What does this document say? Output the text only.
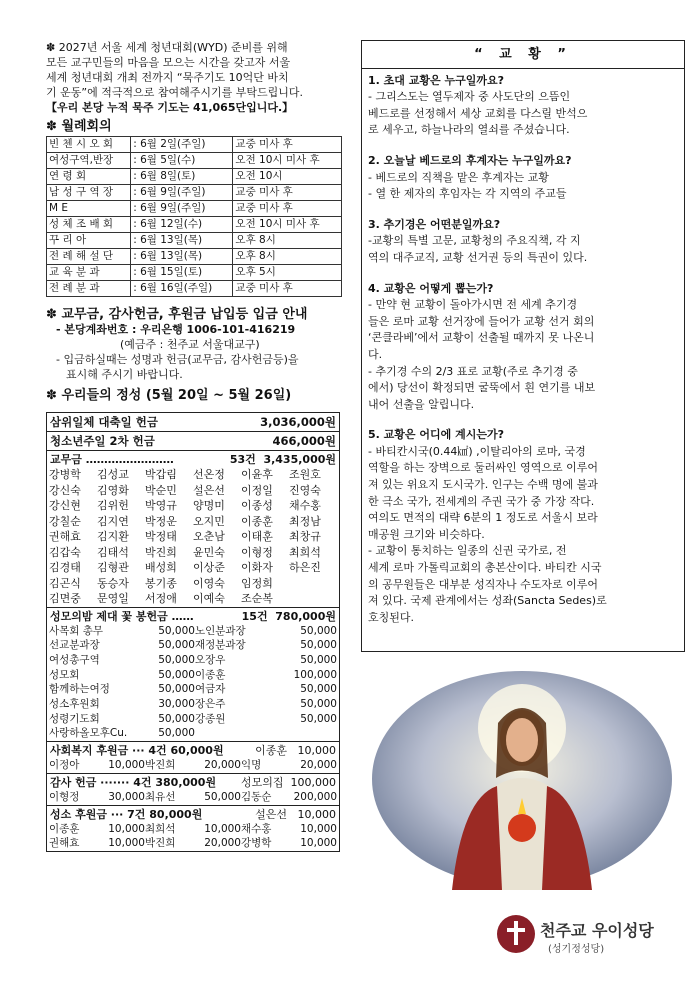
✽ 2027년 서울 세계 청년대회(WYD) 준비를 위해

모든 교구민들의 마음을 모으는 시간을 갖고자 서울

세계 청년대회 개최 전까지 “묵주기도 10억단 바치

기 운동”에 적극적으로 참여해주시기를 부탁드립니다.

【우리 본당 누적 묵주 기도는 41,065단입니다.】

✽ 월례회의

빈 첸 시 오 회	: 6월 2일(주일)	교중 미사 후
여성구역,반장	: 6월 5일(수)	오전 10시 미사 후
연 령 회	: 6월 8일(토)	오전 10시
남 성 구 역 장	: 6월 9일(주일)	교중 미사 후
M E	: 6월 9일(주일)	교중 미사 후
성 체 조 배 회	: 6월 12일(수)	오전 10시 미사 후
꾸 리 아	: 6월 13일(목)	오후 8시
전 례 해 설 단	: 6월 13일(목)	오후 8시
교 육 분 과	: 6월 15일(토)	오후 5시
전 례 분 과	: 6월 16일(주일)	교중 미사 후

✽ 교무금, 감사헌금, 후원금 납입등 입금 안내

- 본당계좌번호 : 우리은행 1006-101-416219

(예금주 : 천주교 서울대교구)

- 입금하실때는 성명과 헌금(교무금, 감사헌금등)을

표시해 주시기 바랍니다.

✽ 우리들의 정성 (5월 20일 ~ 5월 26일)

삼위일체 대축일 헌금	3,036,000원
청소년주일 2차 헌금	466,000원
교무금 ……………………	53건 3,435,000원
강병학	김성교	박갑림	선온정	이윤후	조원호
강신숙	김영화	박순민	설은선	이정일	진영숙
강신현	김위헌	박영규	양명미	이종성	채수홍
강칠순	김지연	박정운	오지민	이종훈	최정남
권해효	김지환	박정태	오춘남	이태훈	최창규
김갑숙	김태석	박진희	윤민숙	이형정	최희석
김경태	김형관	배성희	이상준	이화자	하은진
김곤식	동승자	봉기종	이영숙	임정희
김면중	문영일	서정애	이예숙	조순복
성모의밤 제대 꽃 봉헌금 ……	15건 780,000원
사목회 총무	50,000 노인분과장	50,000
선교분과장	50,000 재정분과장	50,000
여성총구역	50,000 오장우	50,000
성모회	50,000 이종훈	100,000
함께하는여정	50,000 여금자	50,000
성소후원회	30,000 장은주	50,000
성령기도회	50,000 강종원	50,000
사랑하올모후Cu.	50,000
사회복지 후원금 ··· 4건 60,000원	이종훈 10,000
이정아	10,000 박진희	20,000 익명	20,000
감사 헌금 ······· 4건 380,000원 성모의집 100,000
이형정	30,000 최유선	50,000 김동순	200,000
성소 후원금 ··· 7건 80,000원	설은선 10,000
이종훈	10,000 최희석	10,000 채수홍	10,000
권해효	10,000 박진희	20,000 강병학	10,000
“ 교 황 ”

1. 초대 교황은 누구일까요?

- 그리스도는 열두제자 중 사도단의 으뜸인

베드로를 선정해서 세상 교회를 다스릴 반석으

로 세우고, 하늘나라의 열쇠를 주셨습니다.

2. 오늘날 베드로의 후계자는 누구일까요?

- 베드로의 직책을 맡은 후계자는 교황

- 열 한 제자의 후임자는 각 지역의 주교들

3. 추기경은 어떤분일까요?

-교황의 특별 고문, 교황청의 주요직책, 각 지

역의 대주교직, 교황 선거권 등의 특권이 있다.

4. 교황은 어떻게 뽑는가?

- 만약 현 교황이 돌아가시면 전 세계 추기경

들은 로마 교황 선거장에 들어가 교황 선거 회의

‘콘클라베’에서 교황이 선출될 때까지 못 나온니

다.

- 추기경 수의 2/3 표로 교황(주로 추기경 중

에서) 당선이 확정되면 굴뚝에서 흰 연기를 내보

내어 선출을 알립니다.

5. 교황은 어디에 계시는가?

- 바티칸시국(0.44㎢) ,이탈리아의 로마, 국경

역할을 하는 장벽으로 둘러싸인 영역으로 이루어

져 있는 위요지 도시국가. 인구는 수백 명에 불과

한 극소 국가, 전세계의 주권 국가 중 가장 작다.

여의도 면적의 대략 6분의 1 정도로 서울시 보라

매공원 크기와 비슷하다.

- 교황이 통치하는 일종의 신권 국가로, 전

세계 로마 가톨릭교회의 총본산이다. 바티칸 시국

의 공무원들은 대부분 성직자나 수도자로 이루어

져 있다. 국제 관계에서는 성좌(Sancta Sedes)로

호칭된다.

천주교 우이성당
(성기정성당)
